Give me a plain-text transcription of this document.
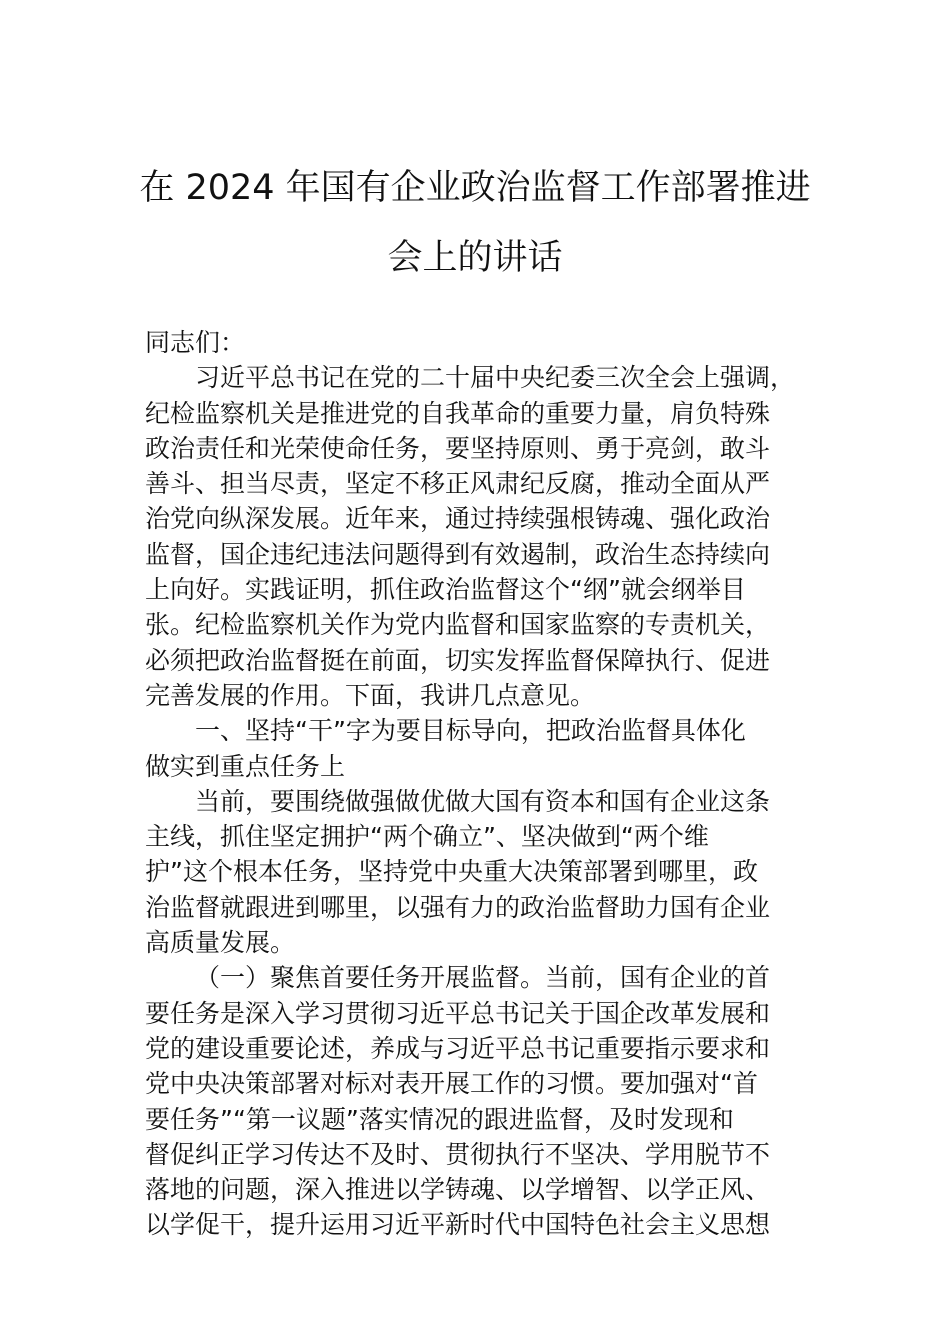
在 2024 年国有企业政治监督工作部署推进
会上的讲话
同志们：
习近平总书记在党的二十届中央纪委三次全会上强调，
纪检监察机关是推进党的自我革命的重要力量，肩负特殊
政治责任和光荣使命任务，要坚持原则、勇于亮剑，敢斗
善斗、担当尽责，坚定不移正风肃纪反腐，推动全面从严
治党向纵深发展。近年来，通过持续强根铸魂、强化政治
监督，国企违纪违法问题得到有效遏制，政治生态持续向
上向好。实践证明，抓住政治监督这个“纲”就会纲举目
张。纪检监察机关作为党内监督和国家监察的专责机关，
必须把政治监督挺在前面，切实发挥监督保障执行、促进
完善发展的作用。下面，我讲几点意见。
一、坚持“干”字为要目标导向，把政治监督具体化
做实到重点任务上
当前，要围绕做强做优做大国有资本和国有企业这条
主线，抓住坚定拥护“两个确立”、坚决做到“两个维
护”这个根本任务，坚持党中央重大决策部署到哪里，政
治监督就跟进到哪里，以强有力的政治监督助力国有企业
高质量发展。
（一）聚焦首要任务开展监督。当前，国有企业的首
要任务是深入学习贯彻习近平总书记关于国企改革发展和
党的建设重要论述，养成与习近平总书记重要指示要求和
党中央决策部署对标对表开展工作的习惯。要加强对“首
要任务”“第一议题”落实情况的跟进监督，及时发现和
督促纠正学习传达不及时、贯彻执行不坚决、学用脱节不
落地的问题，深入推进以学铸魂、以学增智、以学正风、
以学促干，提升运用习近平新时代中国特色社会主义思想
